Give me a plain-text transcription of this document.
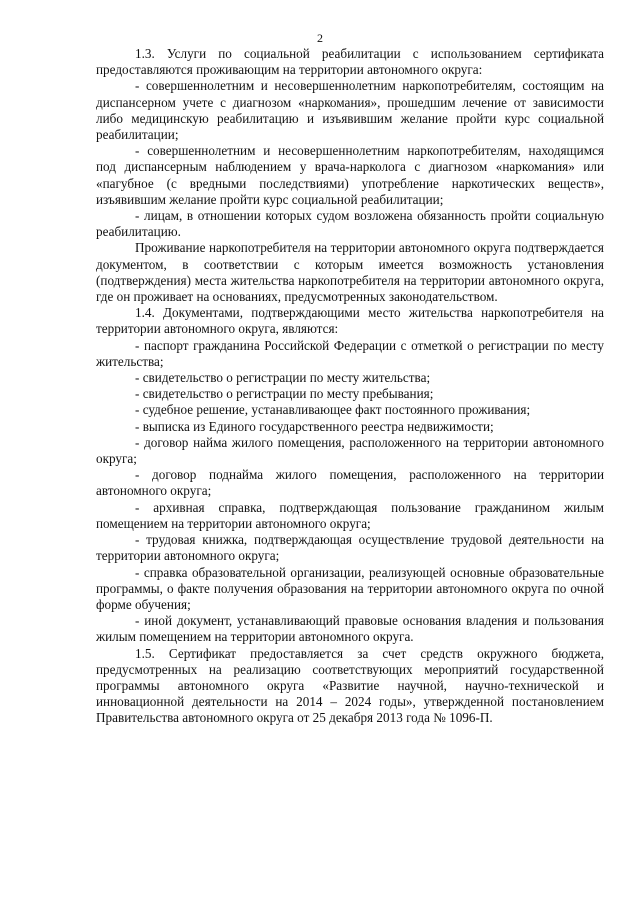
2

1.3. Услуги по социальной реабилитации с использованием сертификата предоставляются проживающим на территории автономного округа:

- совершеннолетним и несовершеннолетним наркопотребителям, состоящим на диспансерном учете с диагнозом «наркомания», прошедшим лечение от зависимости либо медицинскую реабилитацию и изъявившим желание пройти курс социальной реабилитации;

- совершеннолетним и несовершеннолетним наркопотребителям, находящимся под диспансерным наблюдением у врача-нарколога с диагнозом «наркомания» или «пагубное (с вредными последствиями) употребление наркотических веществ», изъявившим желание пройти курс социальной реабилитации;

- лицам, в отношении которых судом возложена обязанность пройти социальную реабилитацию.

Проживание наркопотребителя на территории автономного округа подтверждается документом, в соответствии с которым имеется возможность установления (подтверждения) места жительства наркопотребителя на территории автономного округа, где он проживает на основаниях, предусмотренных законодательством.

1.4. Документами, подтверждающими место жительства наркопотребителя на территории автономного округа, являются:

- паспорт гражданина Российской Федерации с отметкой о регистрации по месту жительства;

- свидетельство о регистрации по месту жительства;

- свидетельство о регистрации по месту пребывания;

- судебное решение, устанавливающее факт постоянного проживания;

- выписка из Единого государственного реестра недвижимости;

- договор найма жилого помещения, расположенного на территории автономного округа;

- договор поднайма жилого помещения, расположенного на территории автономного округа;

- архивная справка, подтверждающая пользование гражданином жилым помещением на территории автономного округа;

- трудовая книжка, подтверждающая осуществление трудовой деятельности на территории автономного округа;

- справка образовательной организации, реализующей основные образовательные программы, о факте получения образования на территории автономного округа по очной форме обучения;

- иной документ, устанавливающий правовые основания владения и пользования жилым помещением на территории автономного округа.

1.5. Сертификат предоставляется за счет средств окружного бюджета, предусмотренных на реализацию соответствующих мероприятий государственной программы автономного округа «Развитие научной, научно-технической и инновационной деятельности на 2014 – 2024 годы», утвержденной постановлением Правительства автономного округа от 25 декабря 2013 года № 1096-П.
